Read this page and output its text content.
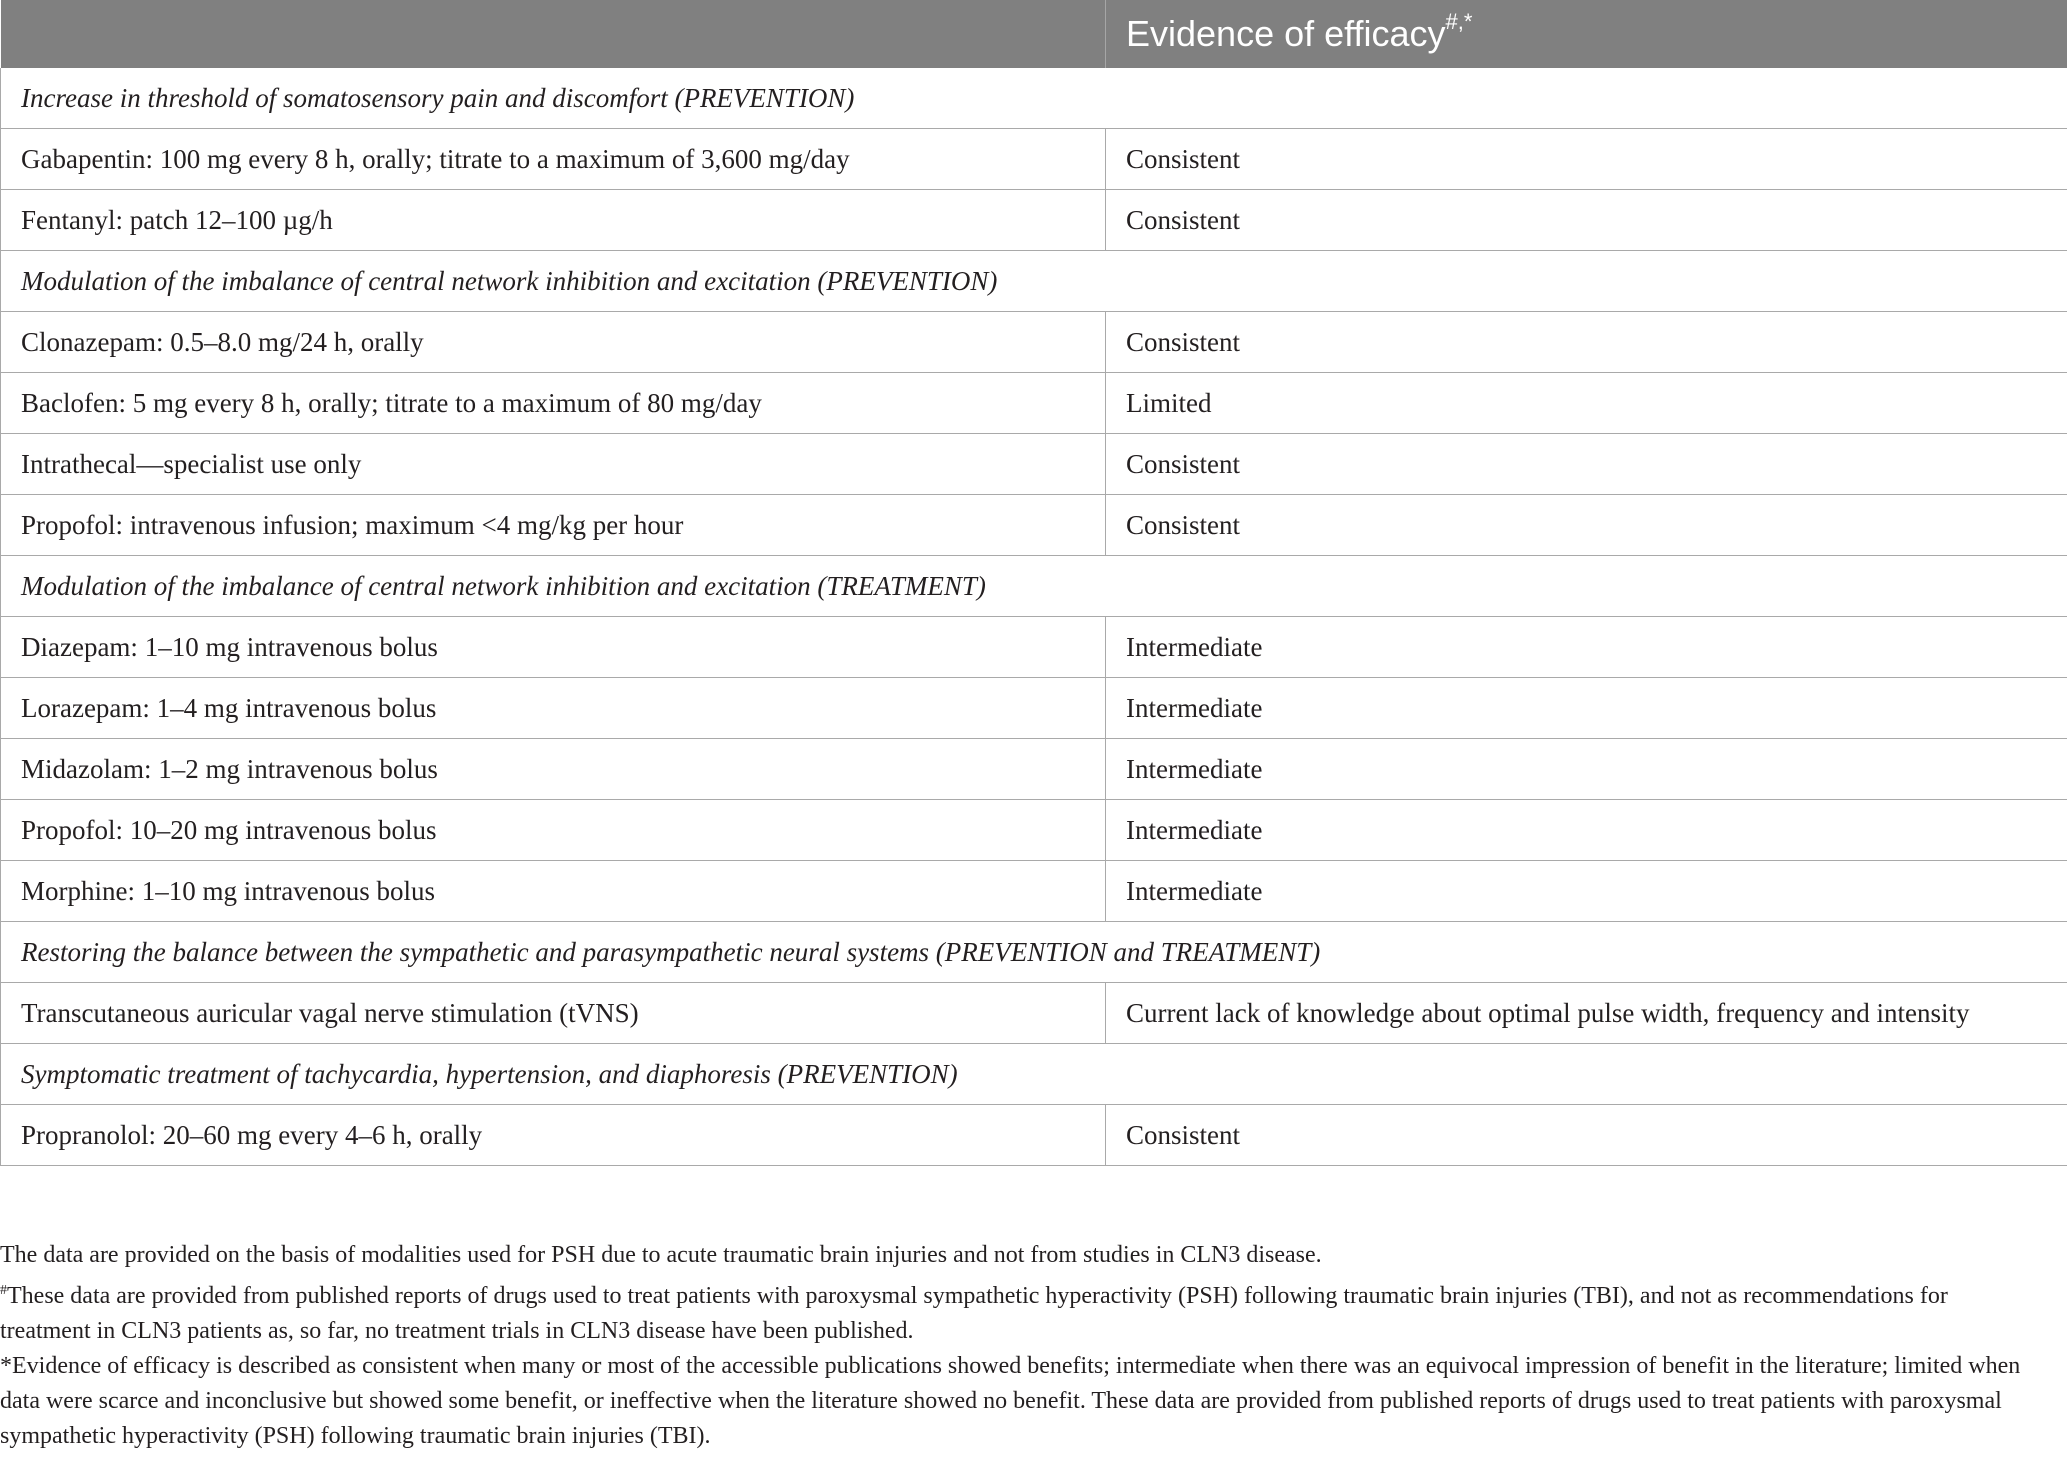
	Evidence of efficacy#,*
Increase in threshold of somatosensory pain and discomfort (PREVENTION)	
Gabapentin: 100 mg every 8 h, orally; titrate to a maximum of 3,600 mg/day	Consistent
Fentanyl: patch 12–100 µg/h	Consistent
Modulation of the imbalance of central network inhibition and excitation (PREVENTION)	
Clonazepam: 0.5–8.0 mg/24 h, orally	Consistent
Baclofen: 5 mg every 8 h, orally; titrate to a maximum of 80 mg/day	Limited
Intrathecal—specialist use only	Consistent
Propofol: intravenous infusion; maximum <4 mg/kg per hour	Consistent
Modulation of the imbalance of central network inhibition and excitation (TREATMENT)	
Diazepam: 1–10 mg intravenous bolus	Intermediate
Lorazepam: 1–4 mg intravenous bolus	Intermediate
Midazolam: 1–2 mg intravenous bolus	Intermediate
Propofol: 10–20 mg intravenous bolus	Intermediate
Morphine: 1–10 mg intravenous bolus	Intermediate
Restoring the balance between the sympathetic and parasympathetic neural systems (PREVENTION and TREATMENT)	
Transcutaneous auricular vagal nerve stimulation (tVNS)	Current lack of knowledge about optimal pulse width, frequency and intensity
Symptomatic treatment of tachycardia, hypertension, and diaphoresis (PREVENTION)	
Propranolol: 20–60 mg every 4–6 h, orally	Consistent

The data are provided on the basis of modalities used for PSH due to acute traumatic brain injuries and not from studies in CLN3 disease.

#These data are provided from published reports of drugs used to treat patients with paroxysmal sympathetic hyperactivity (PSH) following traumatic brain injuries (TBI), and not as recommendations for treatment in CLN3 patients as, so far, no treatment trials in CLN3 disease have been published.

*Evidence of efficacy is described as consistent when many or most of the accessible publications showed benefits; intermediate when there was an equivocal impression of benefit in the literature; limited when data were scarce and inconclusive but showed some benefit, or ineffective when the literature showed no benefit. These data are provided from published reports of drugs used to treat patients with paroxysmal sympathetic hyperactivity (PSH) following traumatic brain injuries (TBI).
